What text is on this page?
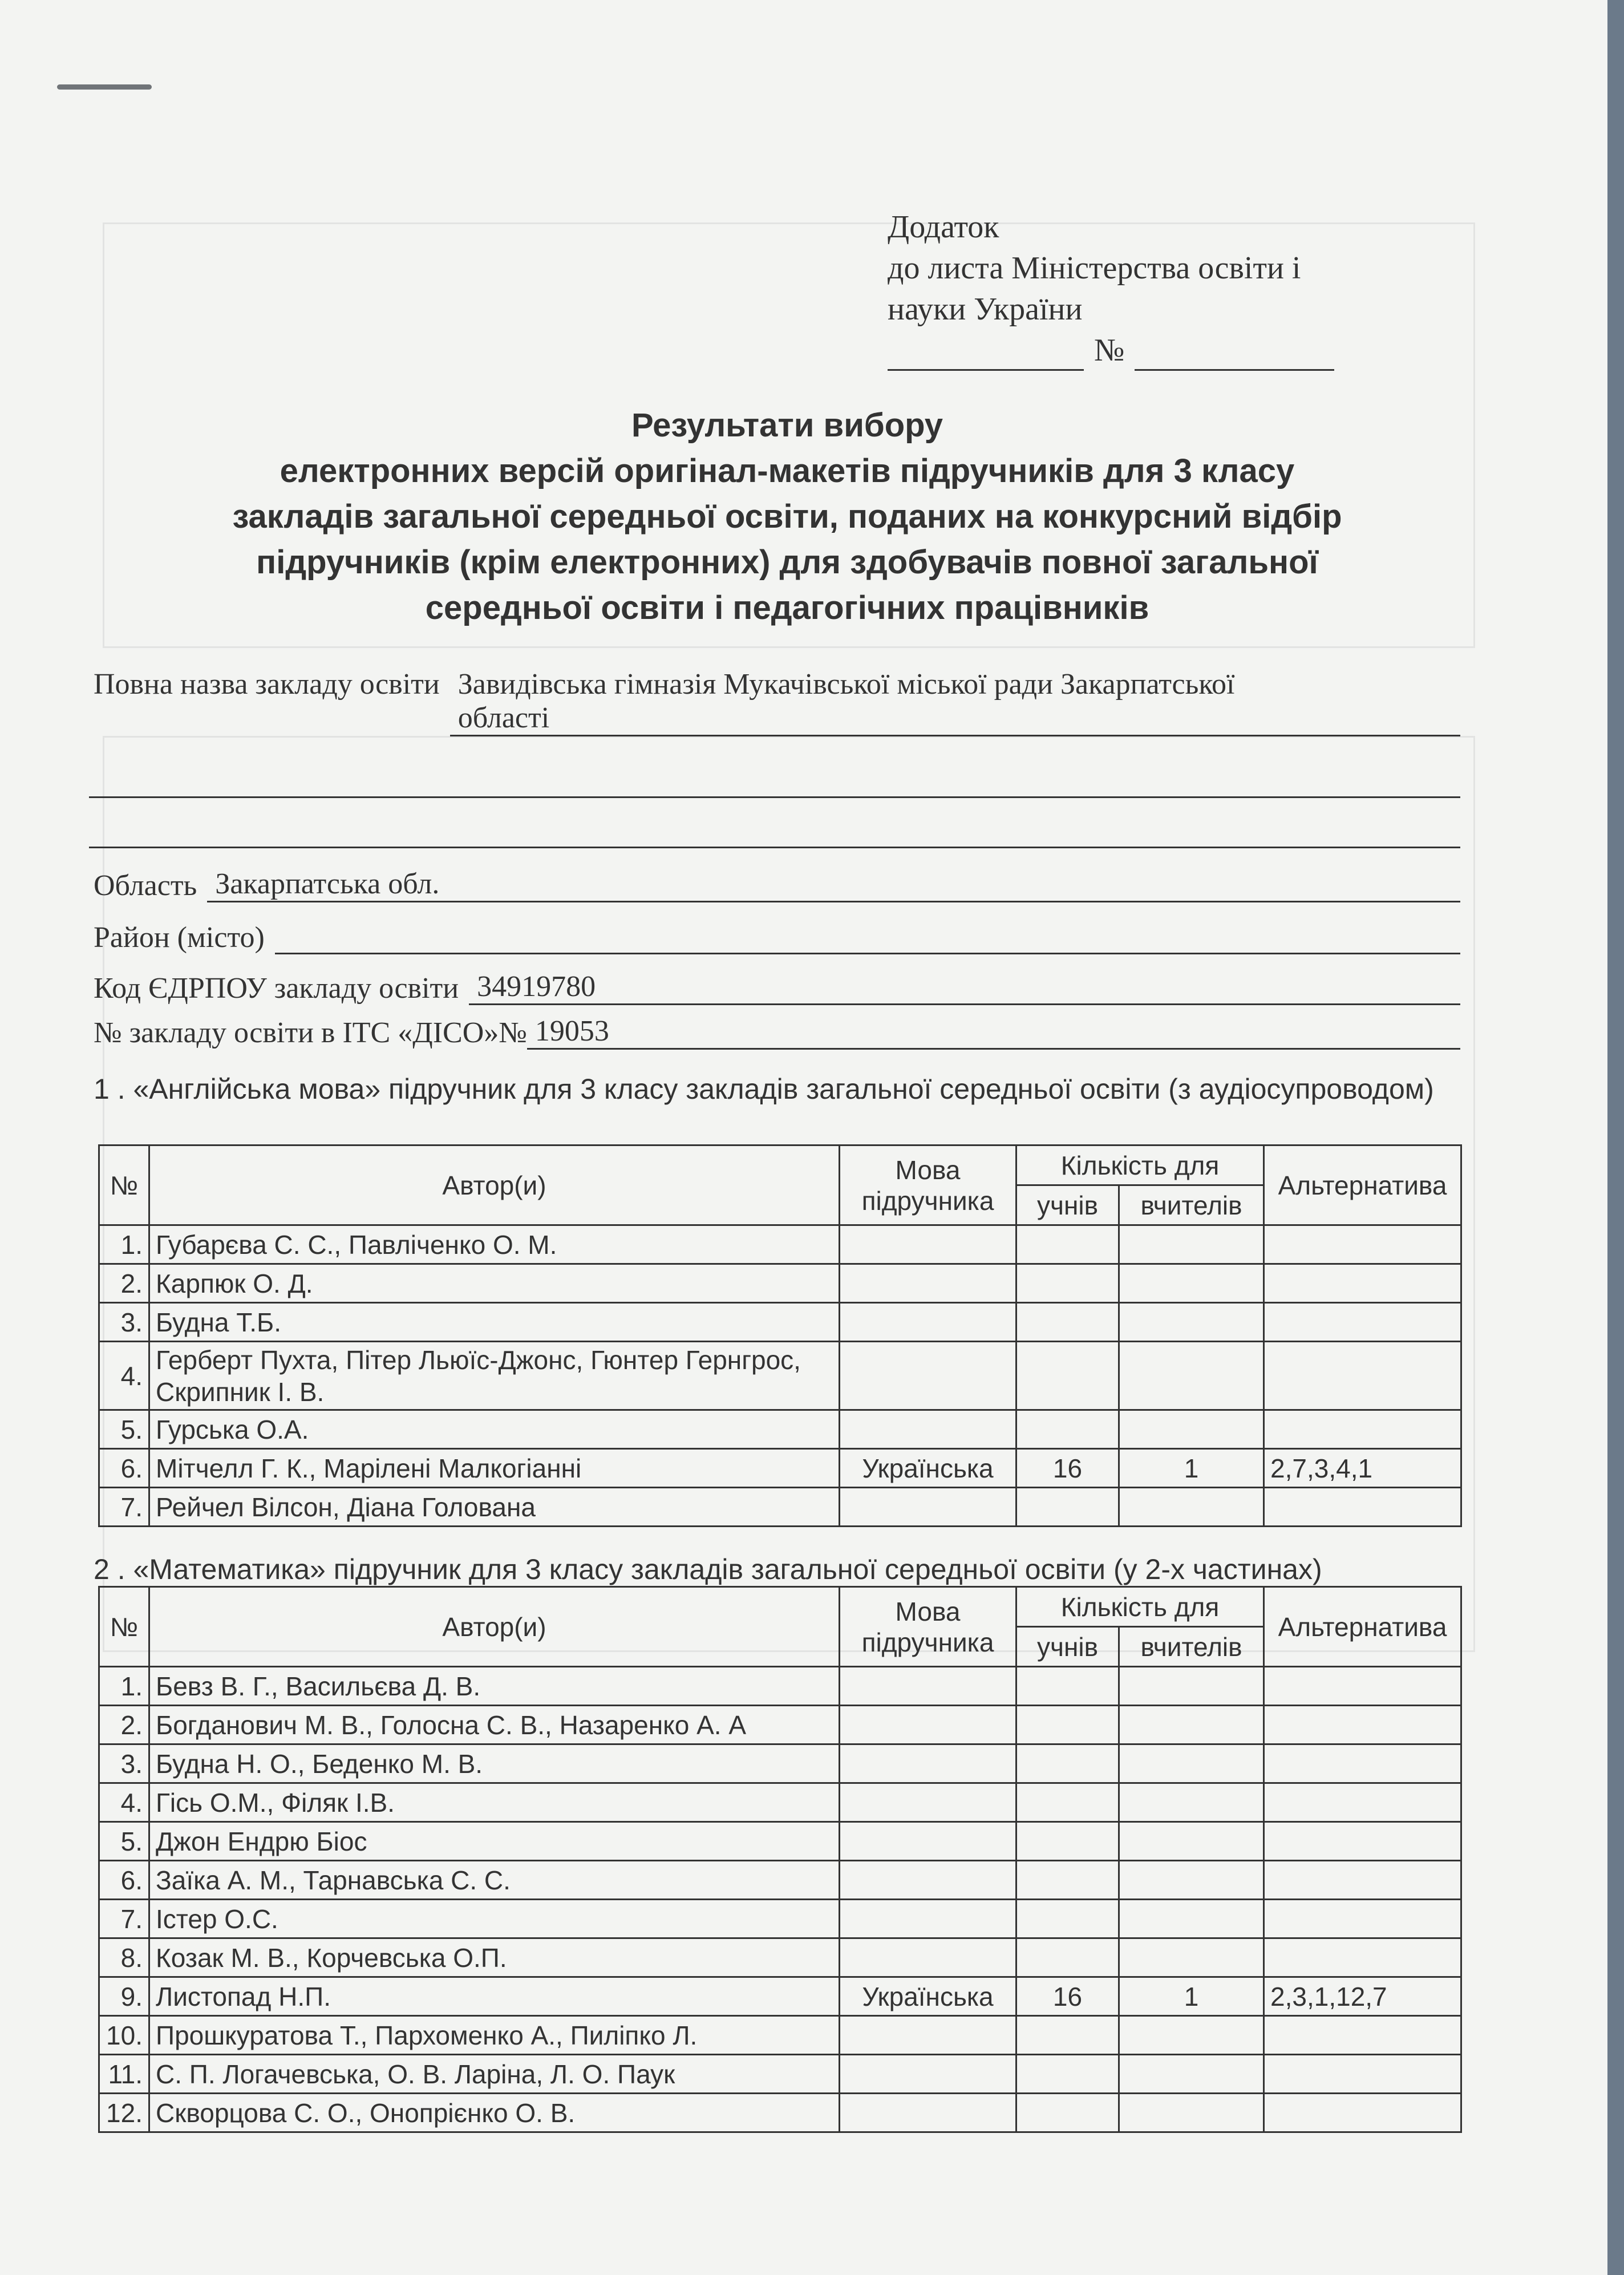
Додаток
до листа Міністерства освіти і
науки України
№
Результати вибору
електронних версій оригінал-макетів підручників для 3 класу
закладів загальної середньої освіти, поданих на конкурсний відбір
підручників (крім електронних) для здобувачів повної загальної
середньої освіти і педагогічних працівників
Повна назва закладу освіти Завидівська гімназія Мукачівської міської ради Закарпатської
області
Область Закарпатська обл.
Район (місто)
Код ЄДРПОУ закладу освіти 34919780
№ закладу освіти в ІТС «ДІСО»№ 19053
1 . «Англійська мова» підручник для 3 класу закладів загальної середньої освіти (з аудіосупроводом)
№	Автор(и)	Мова підручника	Кількість для		Альтернатива
			учнів	вчителів	
1.	Губарєва С. С., Павліченко О. М.				
2.	Карпюк О. Д.				
3.	Будна Т.Б.				
4.	Герберт Пухта, Пітер Льюїс-Джонс, Гюнтер Гернгрос, Скрипник І. В.				
5.	Гурська О.А.				
6.	Мітчелл Г. К., Марілені Малкогіанні	Українська	16	1	2,7,3,4,1
7.	Рейчел Вілсон, Діана Голована				
2 . «Математика» підручник для 3 класу закладів загальної середньої освіти (у 2-х частинах)
№	Автор(и)	Мова підручника	Кількість для		Альтернатива
			учнів	вчителів	
1.	Бевз В. Г., Васильєва Д. В.				
2.	Богданович М. В., Голосна С. В., Назаренко А. А				
3.	Будна Н. О., Беденко М. В.				
4.	Гісь О.М., Філяк І.В.				
5.	Джон Ендрю Біос				
6.	Заїка А. М., Тарнавська С. С.				
7.	Істер О.С.				
8.	Козак М. В., Корчевська О.П.				
9.	Листопад Н.П.	Українська	16	1	2,3,1,12,7
10.	Прошкуратова Т., Пархоменко А., Пиліпко Л.				
11.	С. П. Логачевська, О. В. Ларіна, Л. О. Паук				
12.	Скворцова С. О., Онопрієнко О. В.				
